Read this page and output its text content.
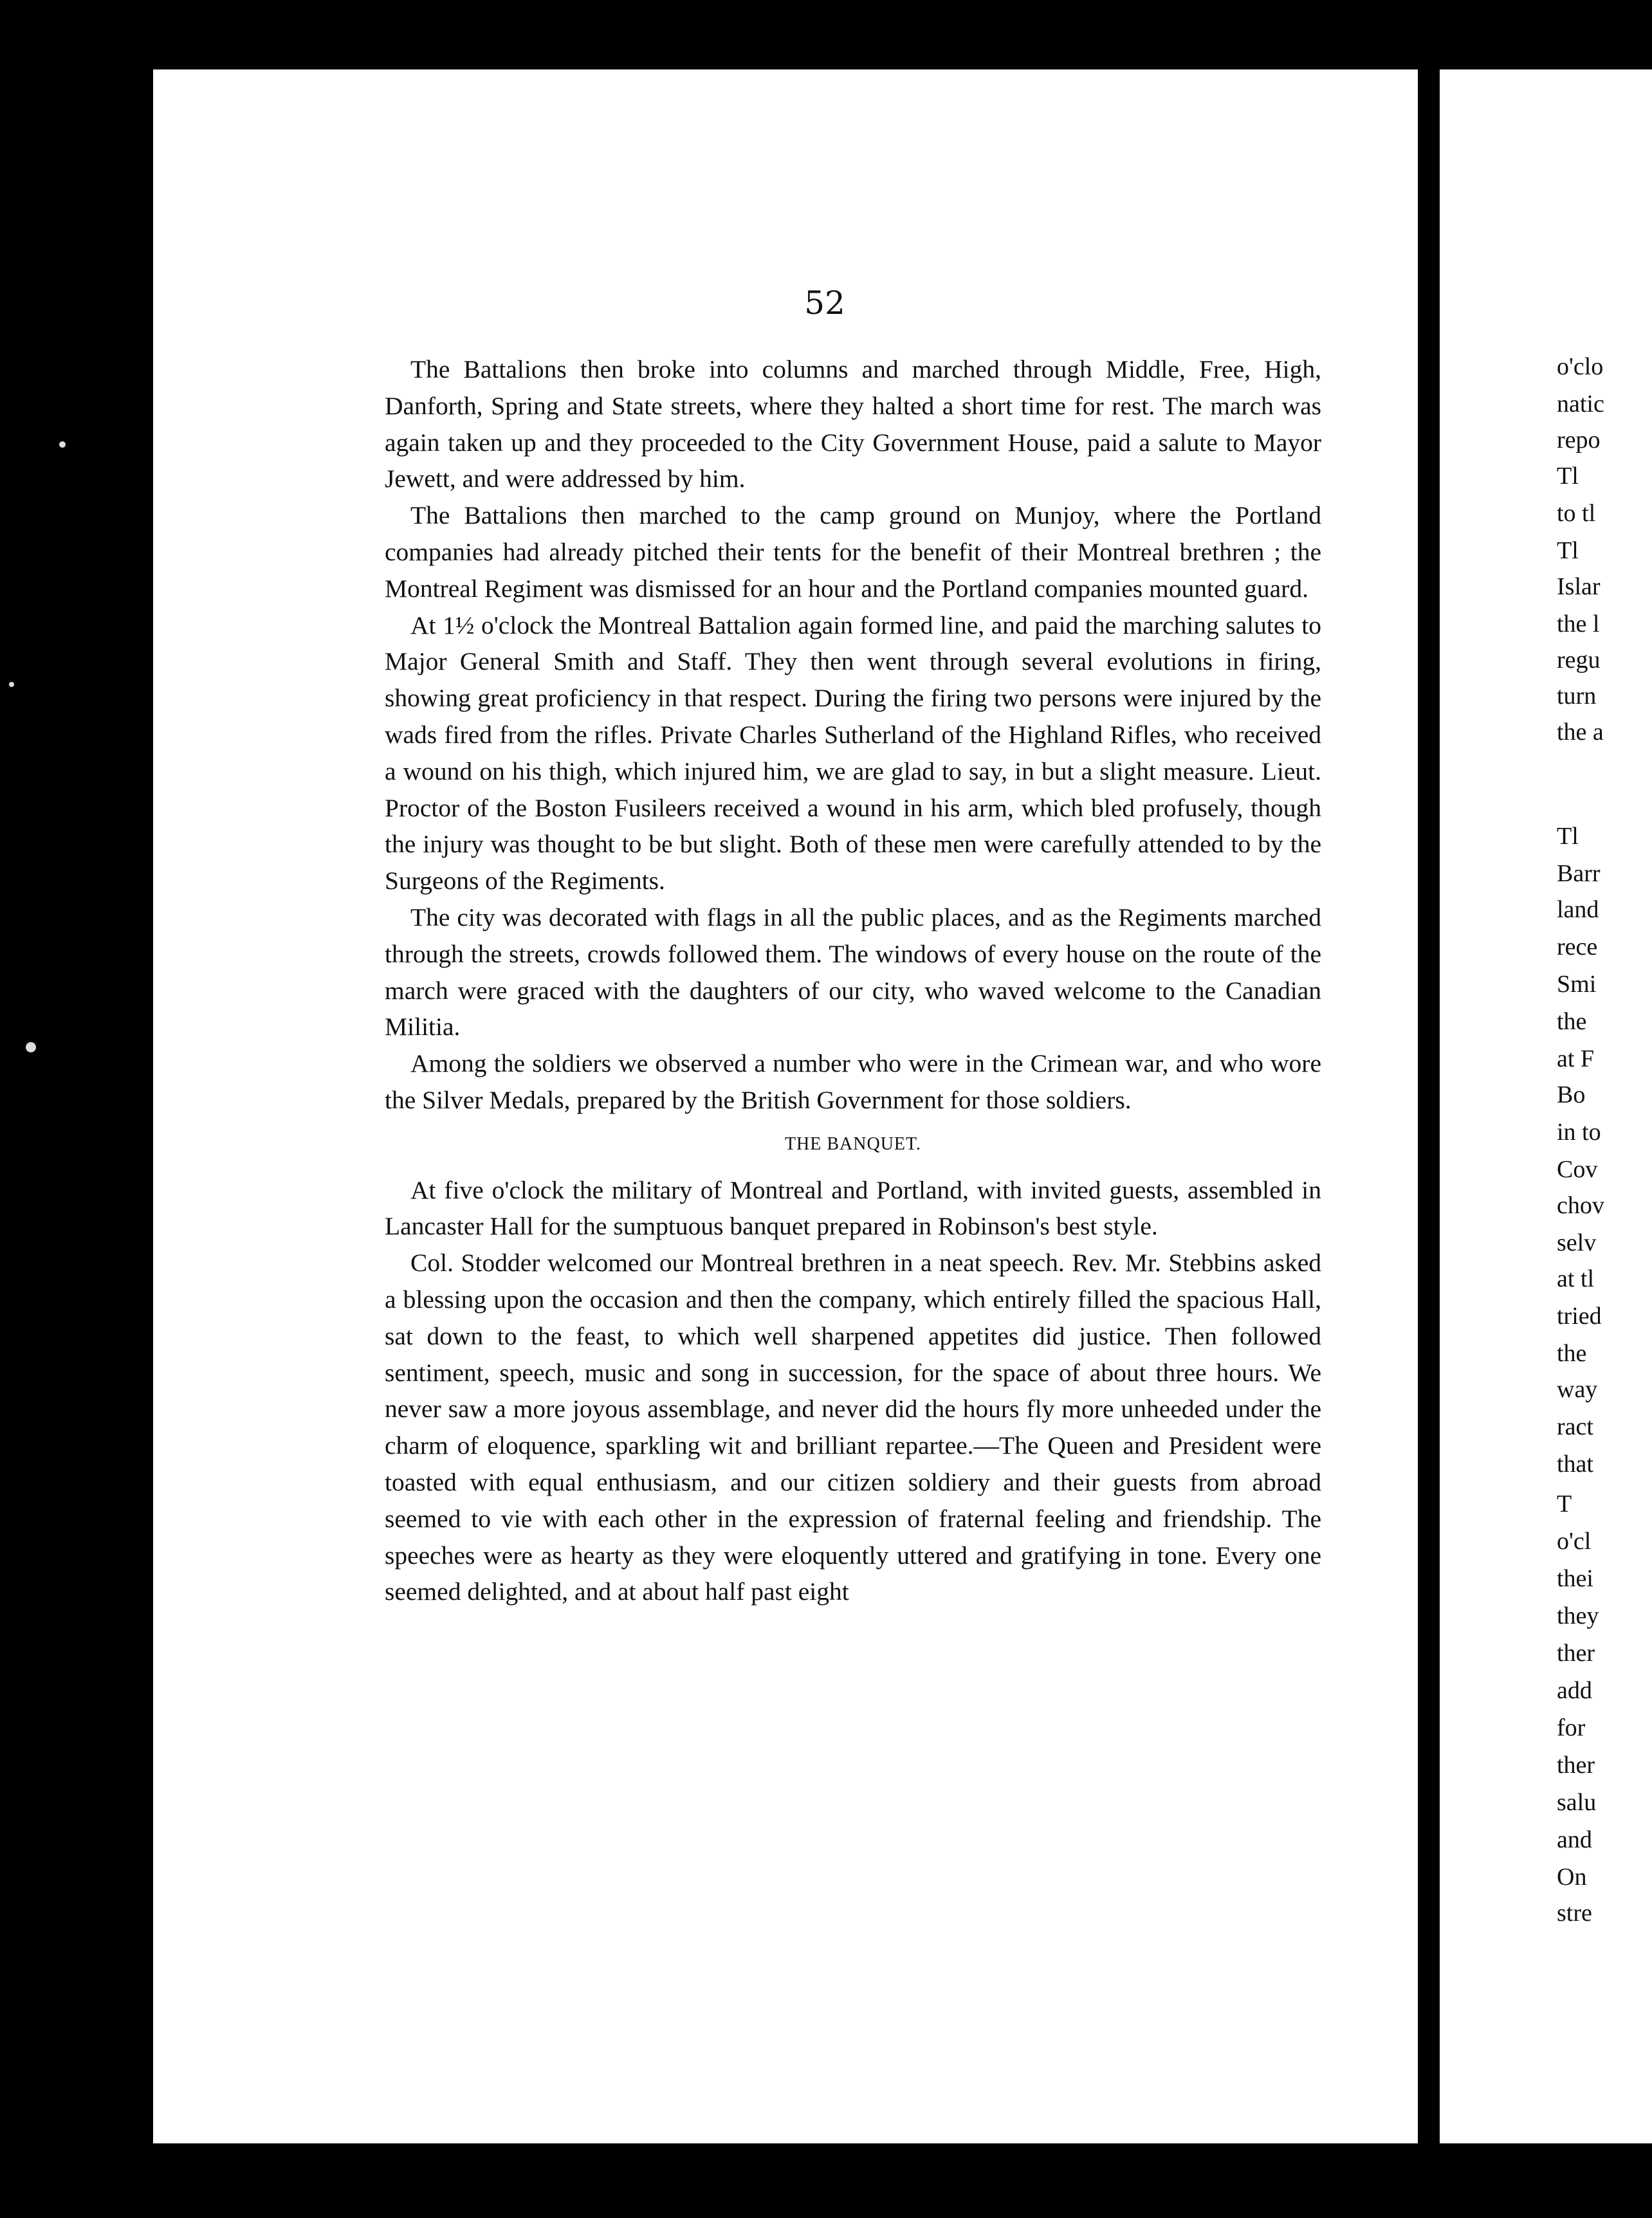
52

The Battalions then broke into columns and marched through Middle, Free, High, Danforth, Spring and State streets, where they halted a short time for rest. The march was again taken up and they proceeded to the City Government House, paid a salute to Mayor Jewett, and were addressed by him.

The Battalions then marched to the camp ground on Munjoy, where the Portland companies had already pitched their tents for the benefit of their Montreal brethren ; the Montreal Regiment was dismissed for an hour and the Portland companies mounted guard.

At 1½ o'clock the Montreal Battalion again formed line, and paid the marching salutes to Major General Smith and Staff. They then went through several evolutions in firing, showing great proficiency in that respect. During the firing two persons were injured by the wads fired from the rifles. Private Charles Sutherland of the Highland Rifles, who received a wound on his thigh, which injured him, we are glad to say, in but a slight measure. Lieut. Proctor of the Boston Fusileers received a wound in his arm, which bled profusely, though the injury was thought to be but slight. Both of these men were carefully attended to by the Surgeons of the Regiments.

The city was decorated with flags in all the public places, and as the Regiments marched through the streets, crowds followed them. The windows of every house on the route of the march were graced with the daughters of our city, who waved welcome to the Canadian Militia.

Among the soldiers we observed a number who were in the Crimean war, and who wore the Silver Medals, prepared by the British Government for those soldiers.

THE BANQUET.

At five o'clock the military of Montreal and Portland, with invited guests, assembled in Lancaster Hall for the sumptuous banquet prepared in Robinson's best style.

Col. Stodder welcomed our Montreal brethren in a neat speech. Rev. Mr. Stebbins asked a blessing upon the occasion and then the company, which entirely filled the spacious Hall, sat down to the feast, to which well sharpened appetites did justice. Then followed sentiment, speech, music and song in succession, for the space of about three hours. We never saw a more joyous assemblage, and never did the hours fly more unheeded under the charm of eloquence, sparkling wit and brilliant repartee.—The Queen and President were toasted with equal enthusiasm, and our citizen soldiery and their guests from abroad seemed to vie with each other in the expression of fraternal feeling and friendship. The speeches were as hearty as they were eloquently uttered and gratifying in tone. Every one seemed delighted, and at about half past eight

o'clo
natic
repo
Tl
to tl
Tl
Islar
the l
regu
turn
the a
Tl
Barr
land
rece
Smi
the
at F
Bo
in to
Cov
chov
selv
at tl
tried
the
way
ract
that
T
o'cl
thei
they
ther
add
for
ther
salu
and
On
stre
